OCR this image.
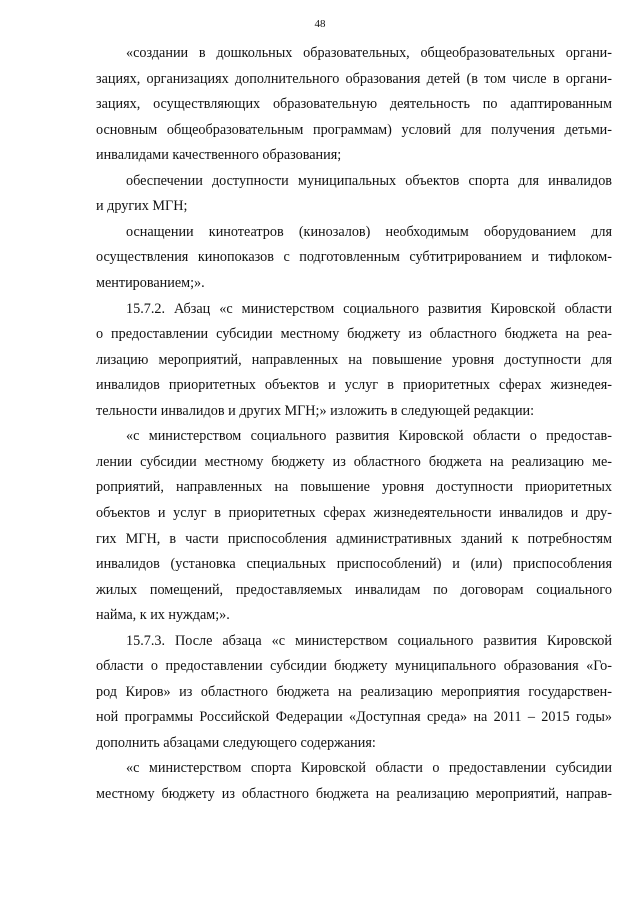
48
«создании в дошкольных образовательных, общеобразовательных органи-
зациях, организациях дополнительного образования детей (в том числе в органи-
зациях, осуществляющих образовательную деятельность по адаптированным
основным общеобразовательным программам) условий для получения детьми-
инвалидами качественного образования;
обеспечении доступности муниципальных объектов спорта для инвалидов
и других МГН;
оснащении кинотеатров (кинозалов) необходимым оборудованием для
осуществления кинопоказов с подготовленным субтитрированием и тифлоком-
ментированием;».
15.7.2. Абзац «с министерством социального развития Кировской области
о предоставлении субсидии местному бюджету из областного бюджета на реа-
лизацию мероприятий, направленных на повышение уровня доступности для
инвалидов приоритетных объектов и услуг в приоритетных сферах жизнедея-
тельности инвалидов и других МГН;» изложить в следующей редакции:
«с министерством социального развития Кировской области о предостав-
лении субсидии местному бюджету из областного бюджета на реализацию ме-
роприятий, направленных на повышение уровня доступности приоритетных
объектов и услуг в приоритетных сферах жизнедеятельности инвалидов и дру-
гих МГН, в части приспособления административных зданий к потребностям
инвалидов (установка специальных приспособлений) и (или) приспособления
жилых помещений, предоставляемых инвалидам по договорам социального
найма, к их нуждам;».
15.7.3. После абзаца «с министерством социального развития Кировской
области о предоставлении субсидии бюджету муниципального образования «Го-
род Киров» из областного бюджета на реализацию мероприятия государствен-
ной программы Российской Федерации «Доступная среда» на 2011 – 2015 годы»
дополнить абзацами следующего содержания:
«с министерством спорта Кировской области о предоставлении субсидии
местному бюджету из областного бюджета на реализацию мероприятий, направ-
